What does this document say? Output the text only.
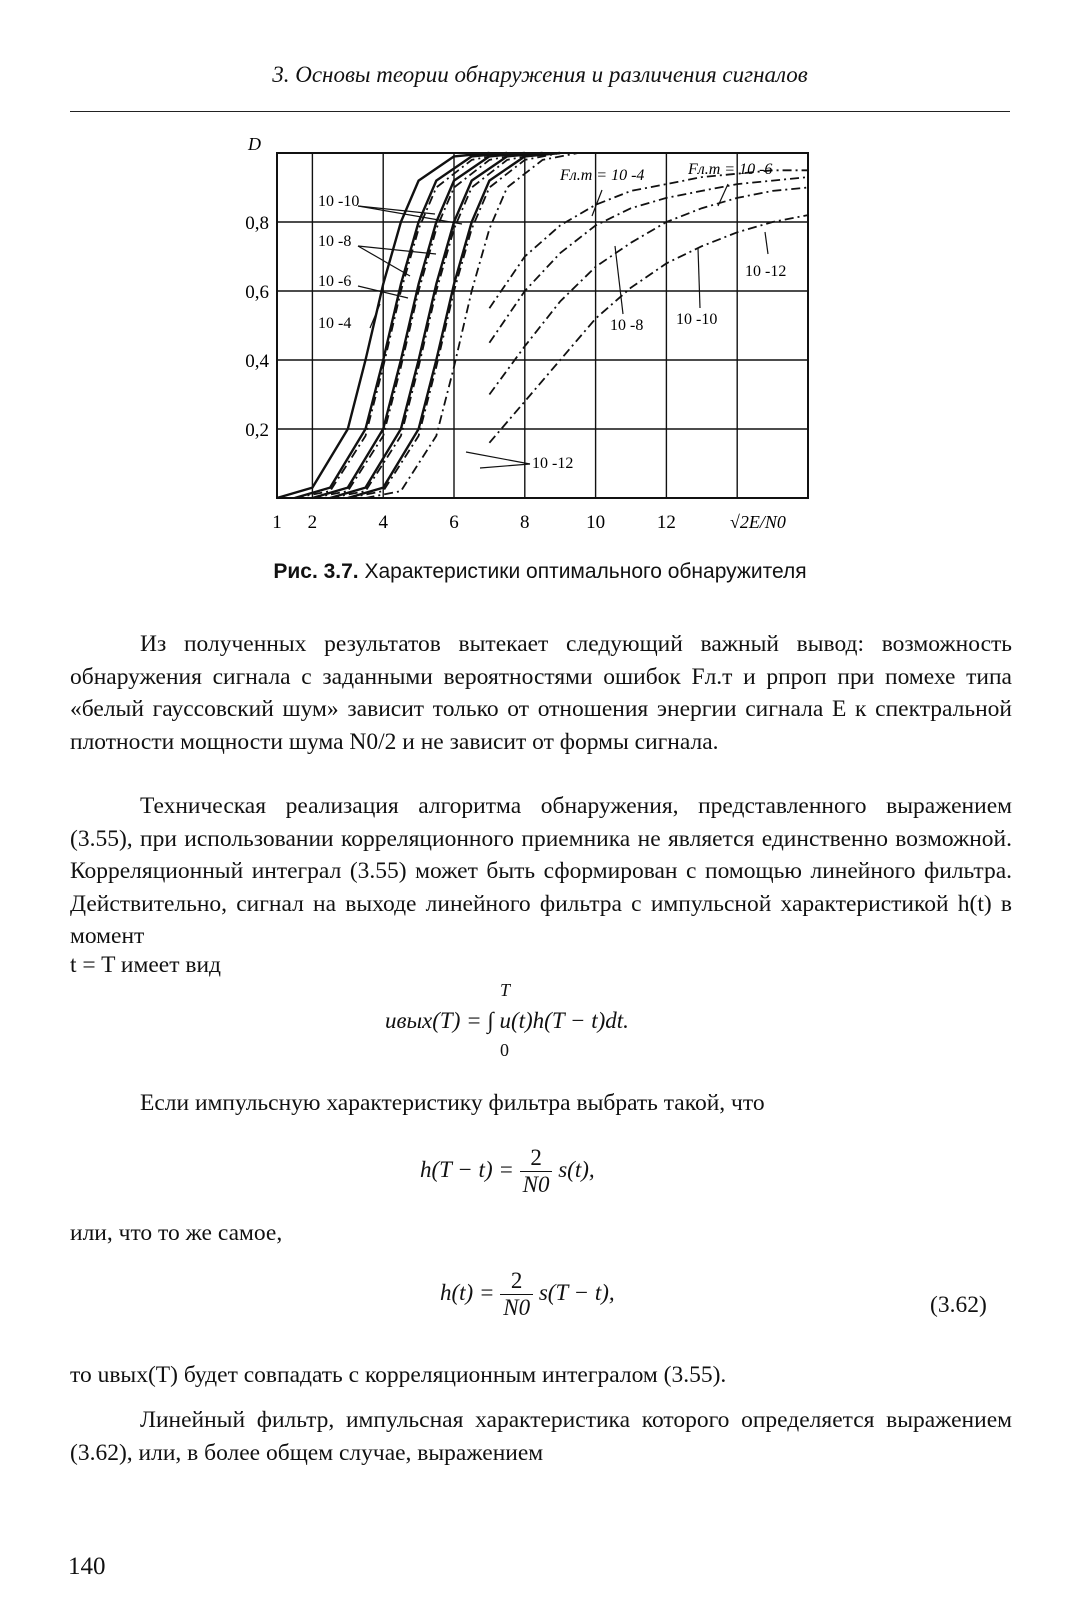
3. Основы теории обнаружения и различения сигналов
1 2	4	6	8	10	12
0,2
0,4
0,6
0,8
D
√2E/N0
Fл.т = 10 -4	Fл.т = 10 -6
10 -10
10 -8
10 -6
10 -4	10 -8 10 -10
10 -12
10 -12
Рис. 3.7. Характеристики оптимального обнаружителя
Из полученных результатов вытекает следующий важный вывод: возможность обнаружения сигнала с заданными вероятностями ошибок Fл.т и pпроп при помехе типа «белый гауссовский шум» зависит только от отношения энергии сигнала E к спектральной плотности мощности шума N0/2 и не зависит от формы сигнала.
Техническая реализация алгоритма обнаружения, представленного выражением (3.55), при использовании корреляционного приемника не является единственно возможной. Корреляционный интеграл (3.55) может быть сформирован с помощью линейного фильтра. Действительно, сигнал на выходе линейного фильтра с импульсной характеристикой h(t) в момент
t = T имеет вид
T
uвых(T) = ∫ u(t)h(T − t)dt.
0
Если импульсную характеристику фильтра выбрать такой, что
$h(T - t) = \frac{2}{N0} s(t)$,
или, что то же самое,
$h(t) = \frac{2}{N0} s(T - t)$,	(3.62)
то uвых(T) будет совпадать с корреляционным интегралом (3.55).
Линейный фильтр, импульсная характеристика которого определяется выражением (3.62), или, в более общем случае, выражением
140
